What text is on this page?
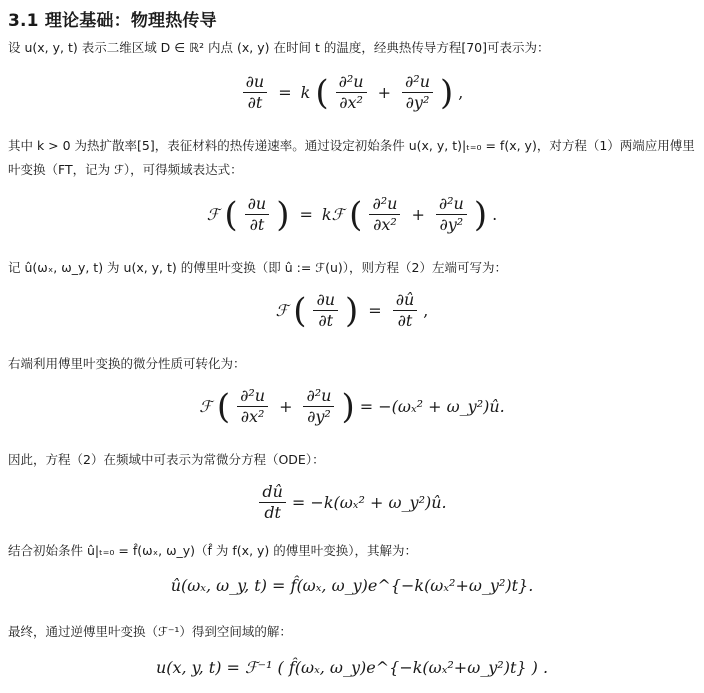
3.1 理论基础：物理热传导
设 u(x, y, t) 表示二维区域 D ∈ ℝ² 内点 (x, y) 在时间 t 的温度，经典热传导方程[70]可表示为：
$\frac{\partial u}{\partial t} = k$ ( $\frac{\text{∂²u}}{\text{∂x²}} + \frac{\text{∂²u}}{\text{∂y²}}$ ) ,
其中 k > 0 为热扩散率[5]，表征材料的热传递速率。通过设定初始条件 u(x, y, t)|ₜ₌₀ = f(x, y)，对方程（1）两端应用傅里叶变换（FT，记为 ℱ），可得频域表达式：
ℱ ( $\frac{\partial u}{\partial t}$ ) = kℱ ( $\frac{\text{∂²u}}{\text{∂x²}} + \frac{\text{∂²u}}{\text{∂y²}}$ ) .
记 û(ωₓ, ω_y, t) 为 u(x, y, t) 的傅里叶变换（即 û := ℱ(u)），则方程（2）左端可写为：
ℱ ( $\frac{\partial u}{\partial t}$ ) = $\frac{\partial û}{\partial t}$ ,
右端利用傅里叶变换的微分性质可转化为：
ℱ ( $\frac{\text{∂²u}}{\text{∂x²}} + \frac{\text{∂²u}}{\text{∂y²}}$ ) = −(ωₓ² + ω_y²)û.
因此，方程（2）在频域中可表示为常微分方程（ODE）：
$\frac{dû}{dt} = -k(\omega_x^2$ + ω_y²)û.
结合初始条件 û|ₜ₌₀ = f̂(ωₓ, ω_y)（f̂ 为 f(x, y) 的傅里叶变换），其解为：
û(ωₓ, ω_y, t) = f̂(ωₓ, ω_y)e^{−k(ωₓ²+ω_y²)t}.
最终，通过逆傅里叶变换（ℱ⁻¹）得到空间域的解：
u(x, y, t) = ℱ⁻¹ ( f̂(ωₓ, ω_y)e^{−k(ωₓ²+ω_y²)t} ) .
